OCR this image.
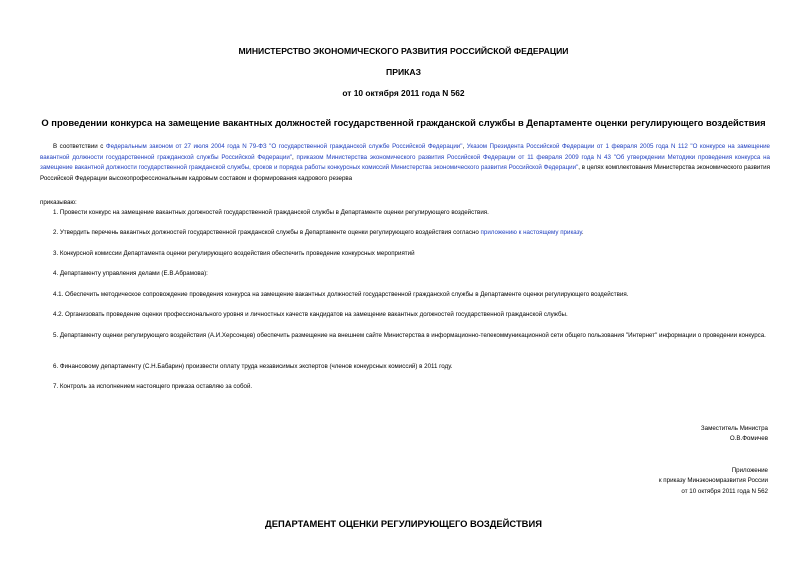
МИНИСТЕРСТВО ЭКОНОМИЧЕСКОГО РАЗВИТИЯ РОССИЙСКОЙ ФЕДЕРАЦИИ
ПРИКАЗ
от 10 октября 2011 года N 562
О проведении конкурса на замещение вакантных должностей государственной гражданской службы в Департаменте оценки регулирующего воздействия
В соответствии с Федеральным законом от 27 июля 2004 года N 79-ФЗ "О государственной гражданской службе Российской Федерации", Указом Президента Российской Федерации от 1 февраля 2005 года N 112 "О конкурсе на замещение вакантной должности государственной гражданской службы Российской Федерации", приказом Министерства экономического развития Российской Федерации от 11 февраля 2009 года N 43 "Об утверждении Методики проведения конкурса на замещение вакантной должности государственной гражданской службы, сроков и порядка работы конкурсных комиссий Министерства экономического развития Российской Федерации", в целях комплектования Министерства экономического развития Российской Федерации высокопрофессиональным кадровым составом и формирования кадрового резерва
приказываю:
1. Провести конкурс на замещение вакантных должностей государственной гражданской службы в Департаменте оценки регулирующего воздействия.
2. Утвердить перечень вакантных должностей государственной гражданской службы в Департаменте оценки регулирующего воздействия согласно приложению к настоящему приказу.
3. Конкурсной комиссии Департамента оценки регулирующего воздействия обеспечить проведение конкурсных мероприятий
4. Департаменту управления делами (Е.В.Абрамова):
4.1. Обеспечить методическое сопровождение проведения конкурса на замещение вакантных должностей государственной гражданской службы в Департаменте оценки регулирующего воздействия.
4.2. Организовать проведение оценки профессионального уровня и личностных качеств кандидатов на замещение вакантных должностей государственной гражданской службы.
5. Департаменту оценки регулирующего воздействия (А.И.Херсонцев) обеспечить размещение на внешнем сайте Министерства в информационно-телекоммуникационной сети общего пользования "Интернет" информации о проведении конкурса.
6. Финансовому департаменту (С.Н.Бабарин) произвести оплату труда независимых экспертов (членов конкурсных комиссий) в 2011 году.
7. Контроль за исполнением настоящего приказа оставляю за собой.
Заместитель Министра
О.В.Фомичев
Приложение
к приказу Минэкономразвития России
от 10 октября 2011 года N 562
ДЕПАРТАМЕНТ ОЦЕНКИ РЕГУЛИРУЮЩЕГО ВОЗДЕЙСТВИЯ
